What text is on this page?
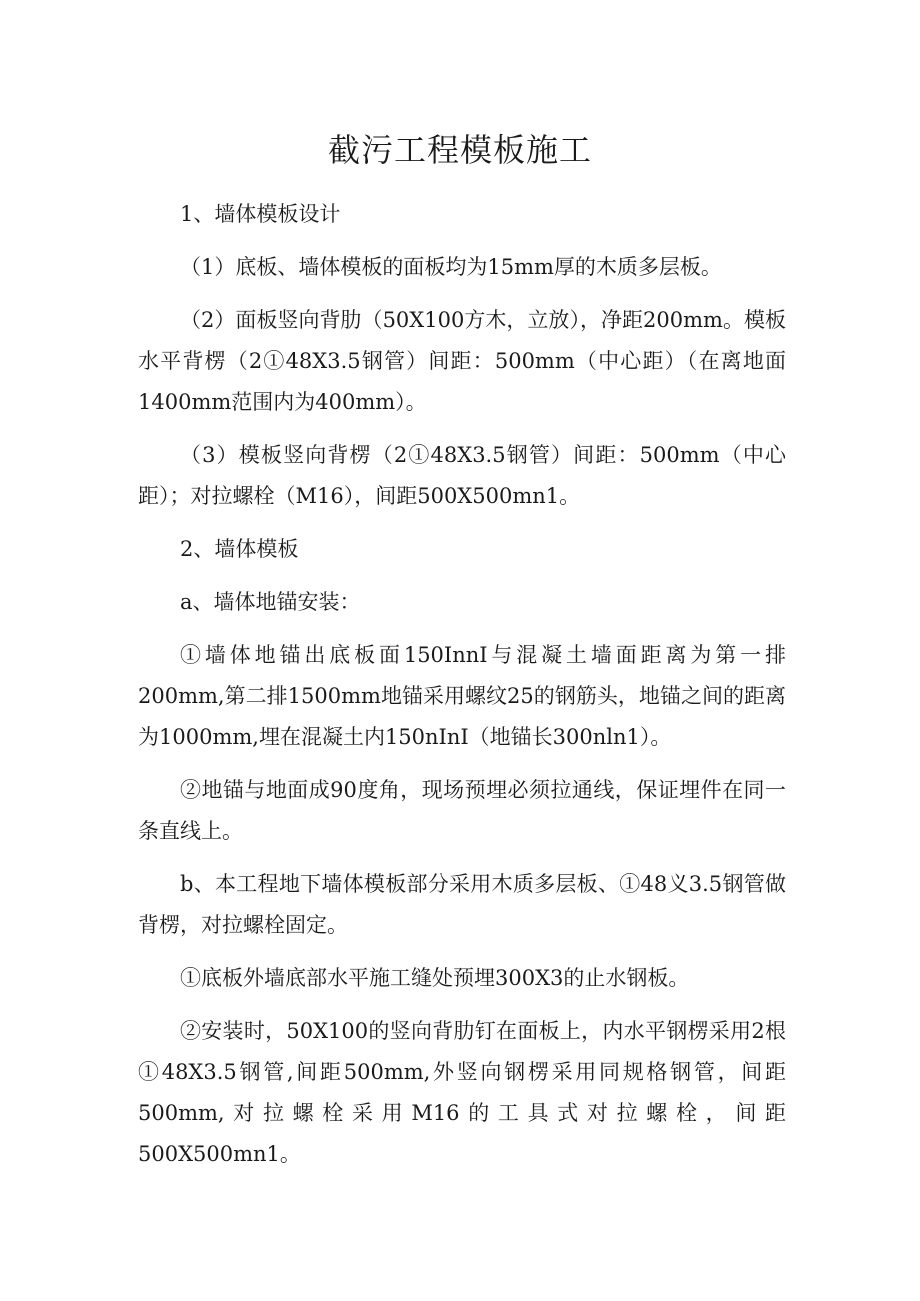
截污工程模板施工

1、墙体模板设计

（1）底板、墙体模板的面板均为15mm厚的木质多层板。

（2）面板竖向背肋（50X100方木，立放），净距200mm。模板水平背楞（2①48X3.5钢管）间距：500mm（中心距）（在离地面1400mm范围内为400mm）。

（3）模板竖向背楞（2①48X3.5钢管）间距：500mm（中心距）；对拉螺栓（M16），间距500X500mn1。

2、墙体模板

a、墙体地锚安装：

①墙体地锚出底板面150InnI与混凝土墙面距离为第一排200mm,第二排1500mm地锚采用螺纹25的钢筋头，地锚之间的距离为1000mm,埋在混凝土内150nInI（地锚长300nln1）。

②地锚与地面成90度角，现场预埋必须拉通线，保证埋件在同一条直线上。

b、本工程地下墙体模板部分采用木质多层板、①48义3.5钢管做背楞，对拉螺栓固定。

①底板外墙底部水平施工缝处预埋300X3的止水钢板。

②安装时，50X100的竖向背肋钉在面板上，内水平钢楞采用2根①48X3.5钢管,间距500mm,外竖向钢楞采用同规格钢管，间距500mm,对拉螺栓采用M16的工具式对拉螺栓，间距500X500mn1。
